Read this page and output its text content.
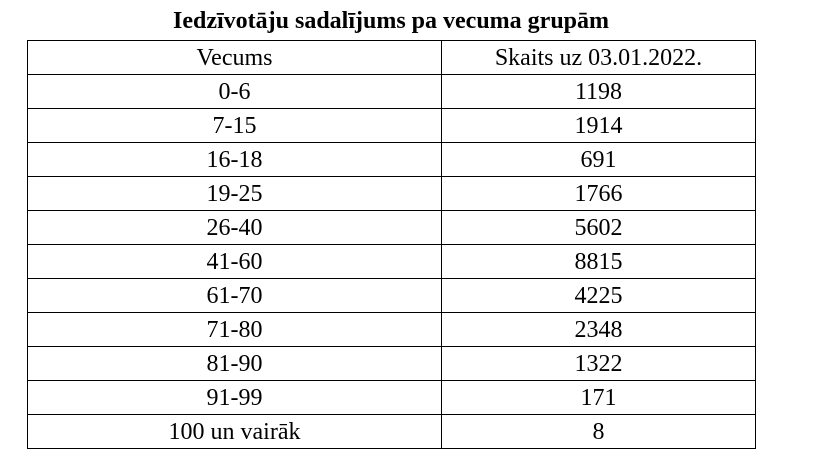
Iedzīvotāju sadalījums pa vecuma grupām
Vecums	Skaits uz 03.01.2022.
0-6	1198
7-15	1914
16-18	691
19-25	1766
26-40	5602
41-60	8815
61-70	4225
71-80	2348
81-90	1322
91-99	171
100 un vairāk	8
